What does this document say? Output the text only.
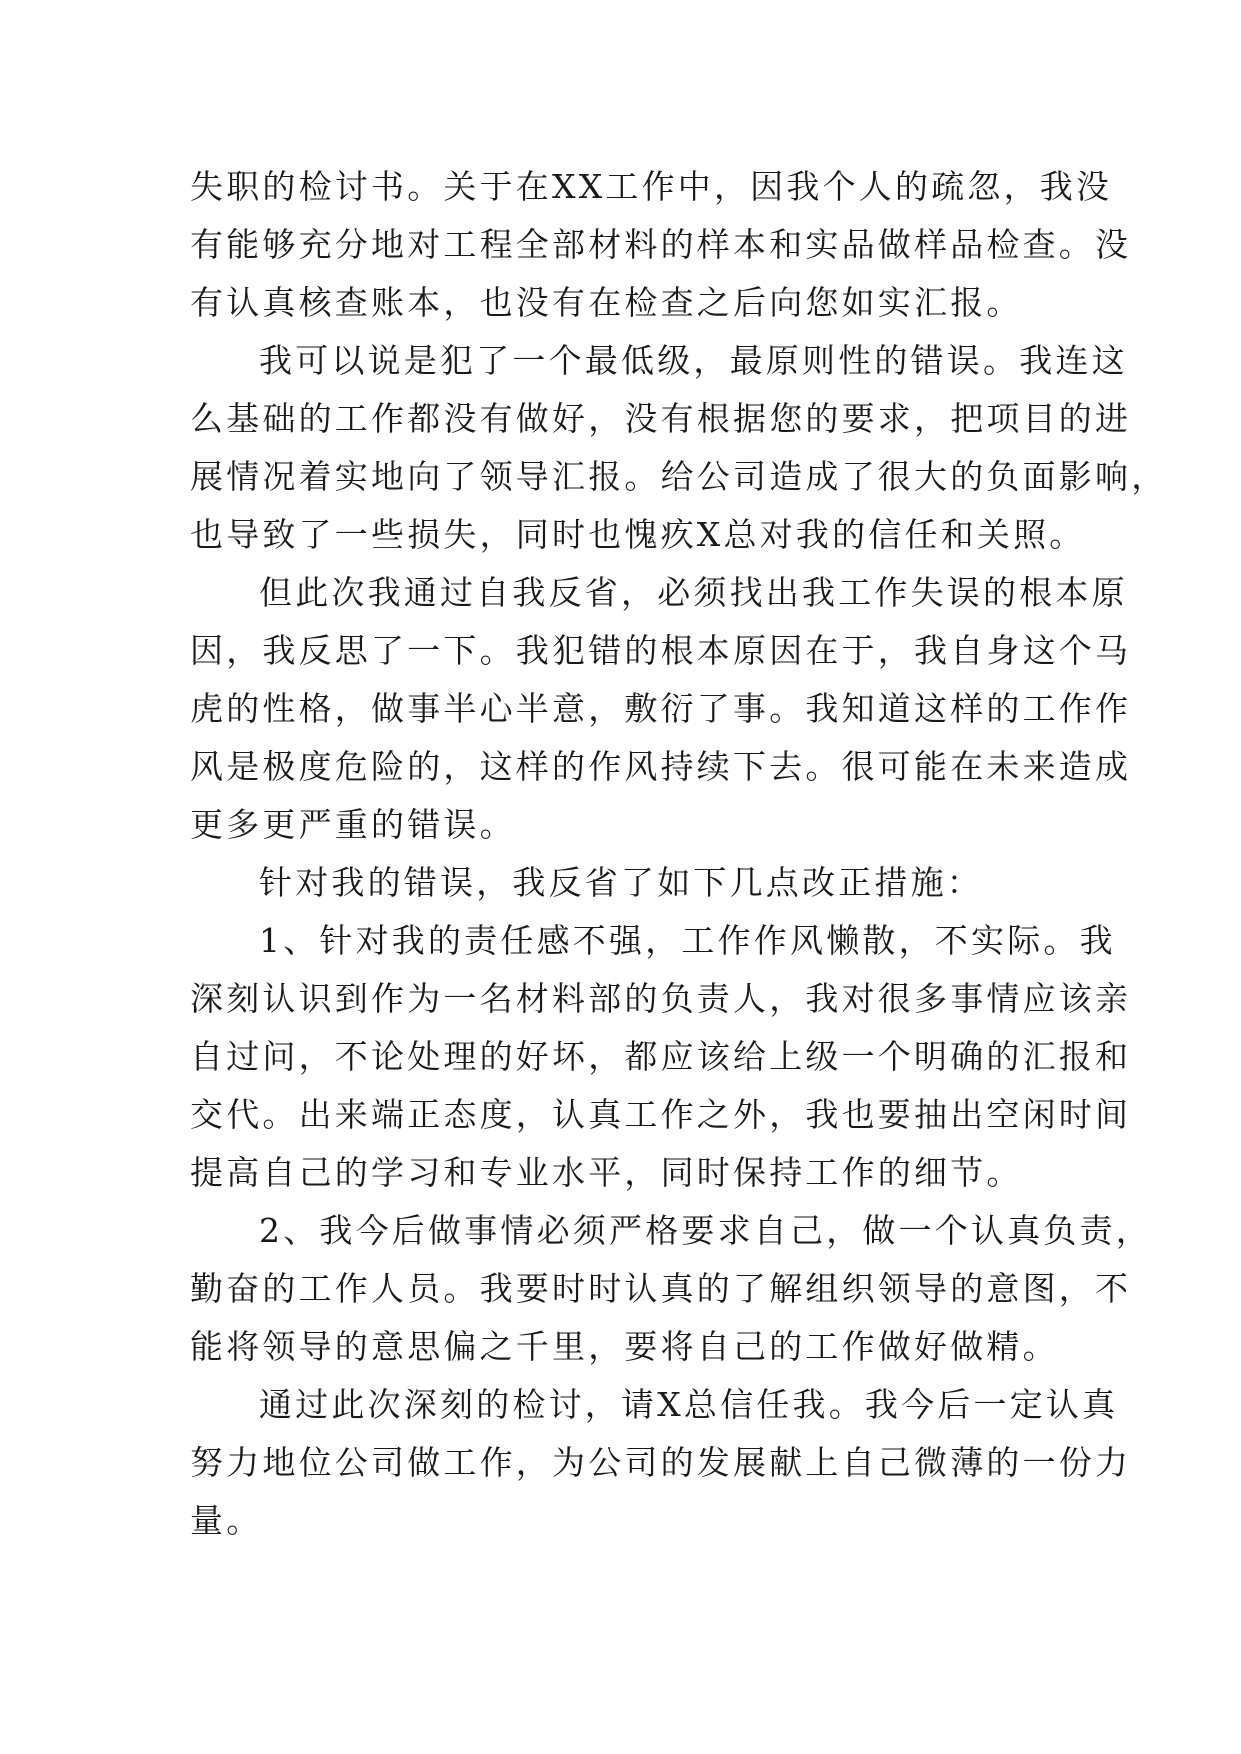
失职的检讨书。关于在XX工作中，因我个人的疏忽，我没

有能够充分地对工程全部材料的样本和实品做样品检查。没

有认真核查账本，也没有在检查之后向您如实汇报。

我可以说是犯了一个最低级，最原则性的错误。我连这

么基础的工作都没有做好，没有根据您的要求，把项目的进

展情况着实地向了领导汇报。给公司造成了很大的负面影响，

也导致了一些损失，同时也愧疚X总对我的信任和关照。

但此次我通过自我反省，必须找出我工作失误的根本原

因，我反思了一下。我犯错的根本原因在于，我自身这个马

虎的性格，做事半心半意，敷衍了事。我知道这样的工作作

风是极度危险的，这样的作风持续下去。很可能在未来造成

更多更严重的错误。

针对我的错误，我反省了如下几点改正措施：

1、针对我的责任感不强，工作作风懒散，不实际。我

深刻认识到作为一名材料部的负责人，我对很多事情应该亲

自过问，不论处理的好坏，都应该给上级一个明确的汇报和

交代。出来端正态度，认真工作之外，我也要抽出空闲时间

提高自己的学习和专业水平，同时保持工作的细节。

2、我今后做事情必须严格要求自己，做一个认真负责，

勤奋的工作人员。我要时时认真的了解组织领导的意图，不

能将领导的意思偏之千里，要将自己的工作做好做精。

通过此次深刻的检讨，请X总信任我。我今后一定认真

努力地位公司做工作，为公司的发展献上自己微薄的一份力

量。
